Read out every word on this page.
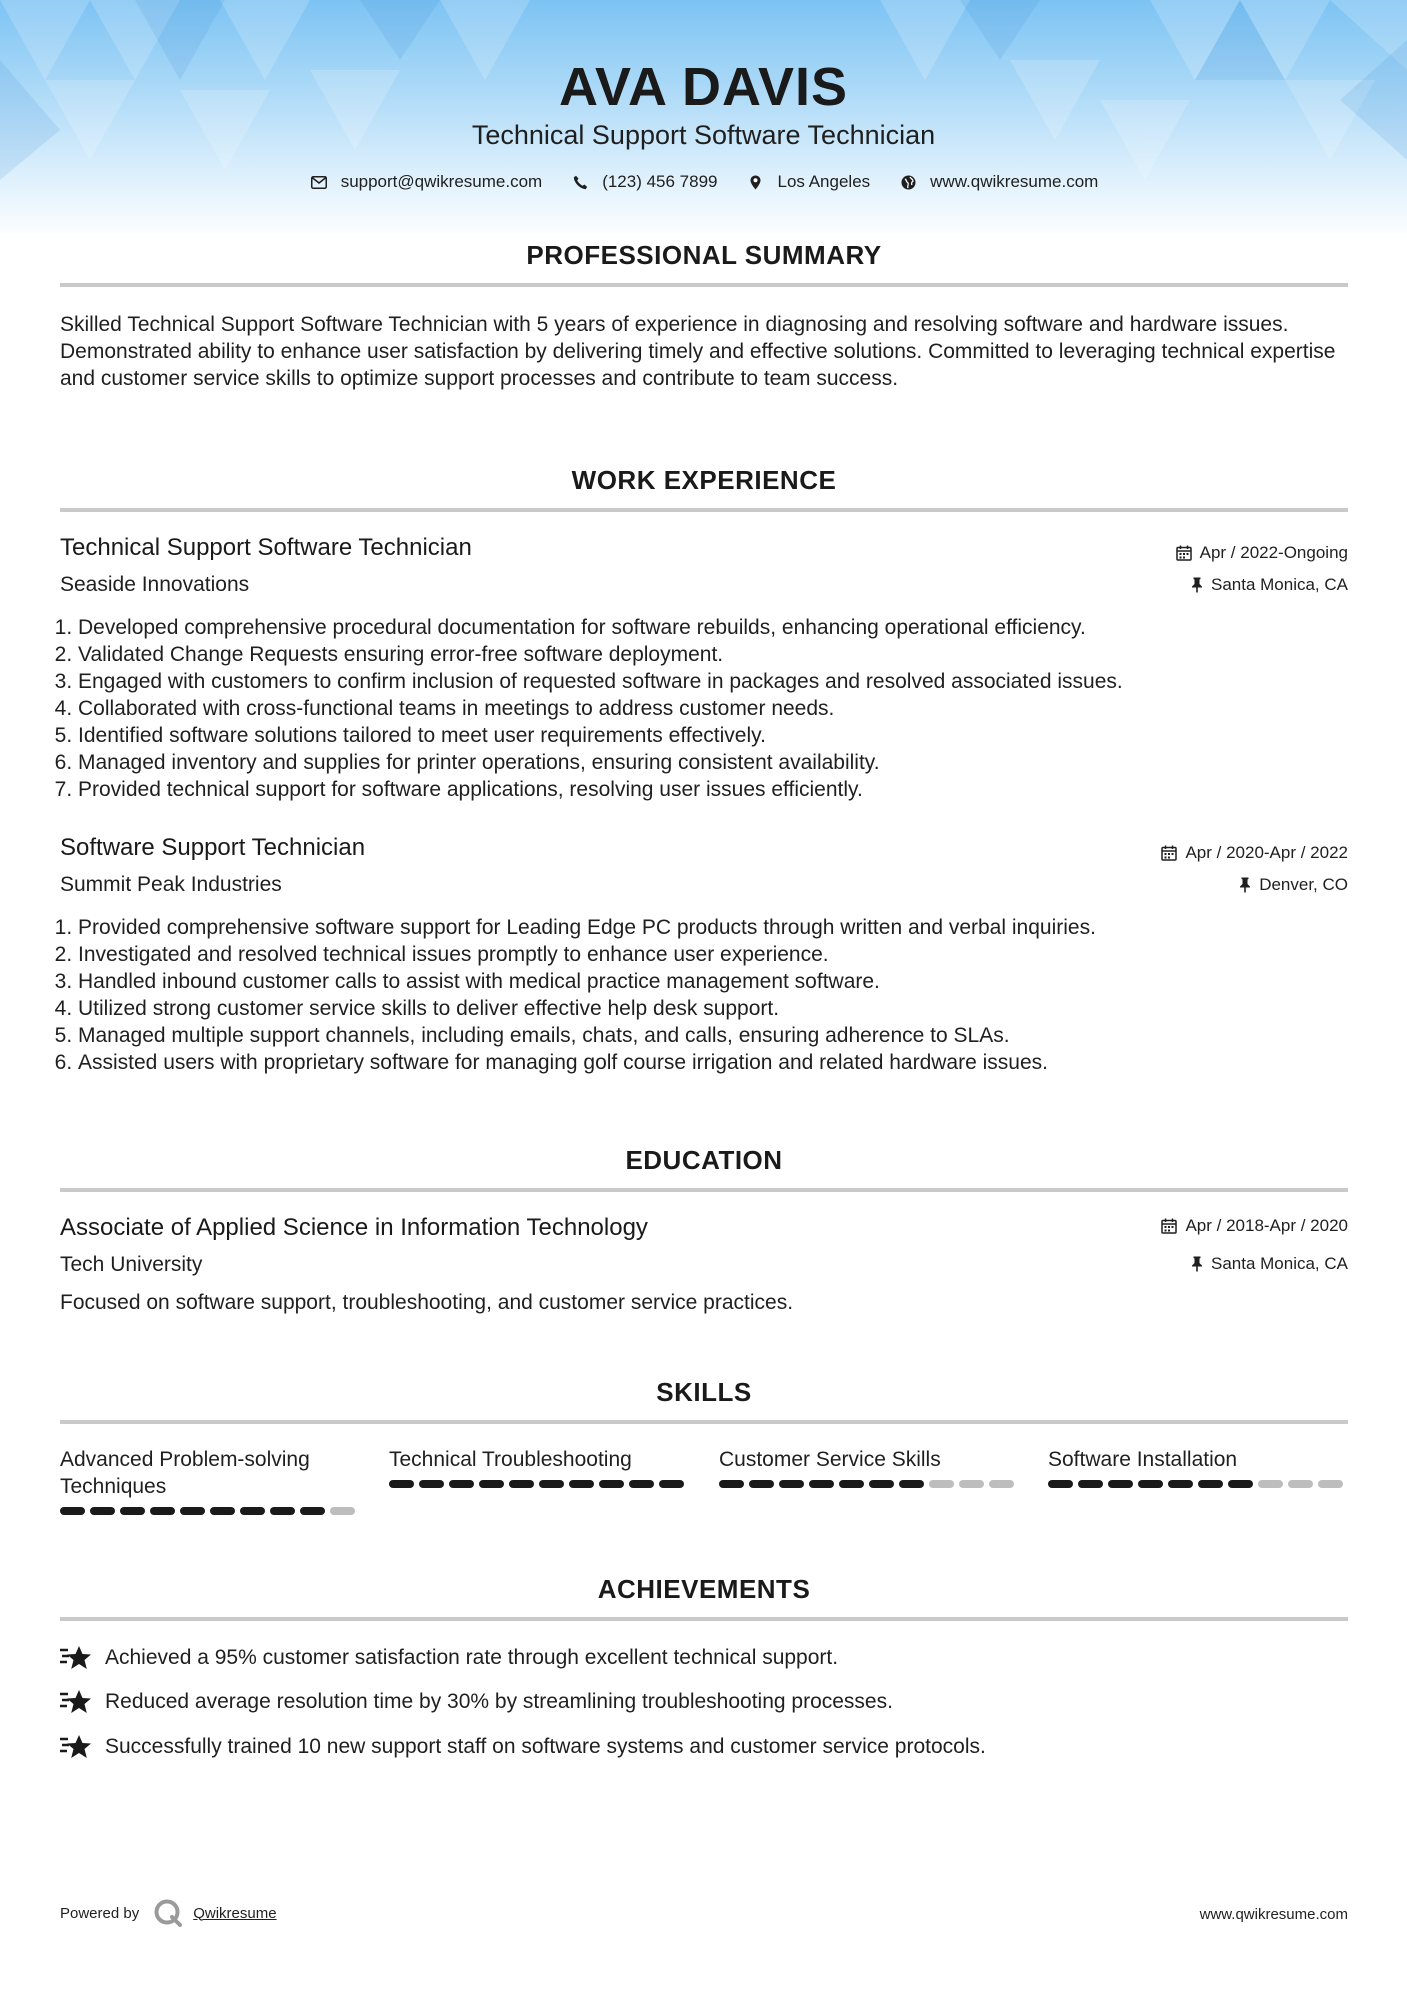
AVA DAVIS
Technical Support Software Technician
support@qwikresume.com	(123) 456 7899	Los Angeles	www.qwikresume.com
PROFESSIONAL SUMMARY
Skilled Technical Support Software Technician with 5 years of experience in diagnosing and resolving software and hardware issues. Demonstrated ability to enhance user satisfaction by delivering timely and effective solutions. Committed to leveraging technical expertise and customer service skills to optimize support processes and contribute to team success.
WORK EXPERIENCE
Technical Support Software Technician
Seaside Innovations
Apr / 2022-Ongoing
Santa Monica, CA
1. Developed comprehensive procedural documentation for software rebuilds, enhancing operational efficiency.
2. Validated Change Requests ensuring error-free software deployment.
3. Engaged with customers to confirm inclusion of requested software in packages and resolved associated issues.
4. Collaborated with cross-functional teams in meetings to address customer needs.
5. Identified software solutions tailored to meet user requirements effectively.
6. Managed inventory and supplies for printer operations, ensuring consistent availability.
7. Provided technical support for software applications, resolving user issues efficiently.
Software Support Technician
Summit Peak Industries
Apr / 2020-Apr / 2022
Denver, CO
1. Provided comprehensive software support for Leading Edge PC products through written and verbal inquiries.
2. Investigated and resolved technical issues promptly to enhance user experience.
3. Handled inbound customer calls to assist with medical practice management software.
4. Utilized strong customer service skills to deliver effective help desk support.
5. Managed multiple support channels, including emails, chats, and calls, ensuring adherence to SLAs.
6. Assisted users with proprietary software for managing golf course irrigation and related hardware issues.
EDUCATION
Associate of Applied Science in Information Technology
Tech University
Apr / 2018-Apr / 2020
Santa Monica, CA
Focused on software support, troubleshooting, and customer service practices.
SKILLS
Advanced Problem-solving Techniques
Technical Troubleshooting	Customer Service Skills	Software Installation
ACHIEVEMENTS
Achieved a 95% customer satisfaction rate through excellent technical support.
Reduced average resolution time by 30% by streamlining troubleshooting processes.
Successfully trained 10 new support staff on software systems and customer service protocols.
Powered by	Qwikresume	www.qwikresume.com
